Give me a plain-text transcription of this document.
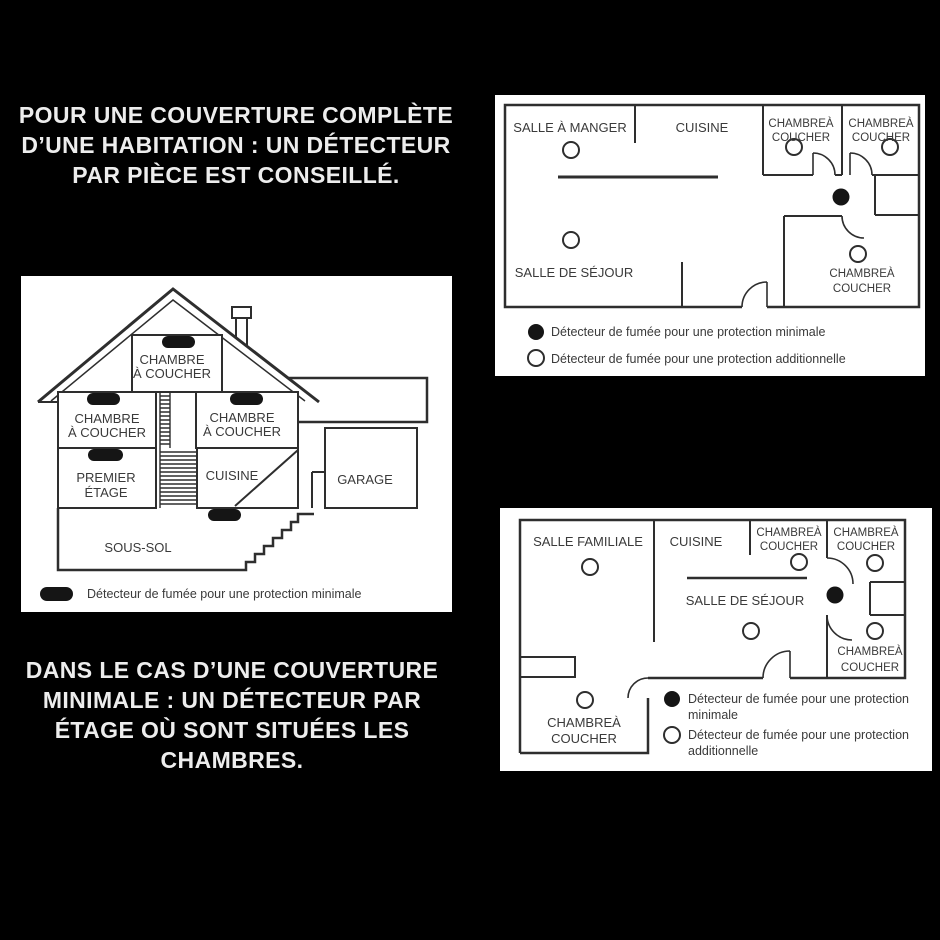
POUR UNE COUVERTURE COMPLÈTE
D’UNE HABITATION : UN DÉTECTEUR
PAR PIÈCE EST CONSEILLÉ.
DANS LE CAS D’UNE COUVERTURE
MINIMALE : UN DÉTECTEUR PAR
ÉTAGE OÙ SONT SITUÉES LES
CHAMBRES.
SALLE À MANGER	CUISINE	CHAMBREÀ
COUCHER
CHAMBREÀ
COUCHER
SALLE DE SÉJOUR	CHAMBREÀ
COUCHER
Détecteur de fumée pour une protection minimale
Détecteur de fumée pour une protection additionnelle
CHAMBRE
À COUCHER
CHAMBRE
À COUCHER
CHAMBRE
À COUCHER
PREMIER
ÉTAGE
CUISINE	GARAGE
SOUS-SOL
Détecteur de fumée pour une protection minimale
SALLE FAMILIALE CUISINE
CHAMBREÀ
COUCHER
CHAMBREÀ
COUCHER
SALLE DE SÉJOUR
CHAMBREÀ
COUCHER
CHAMBREÀ
COUCHER
Détecteur de fumée pour une protection
minimale
Détecteur de fumée pour une protection
additionnelle
